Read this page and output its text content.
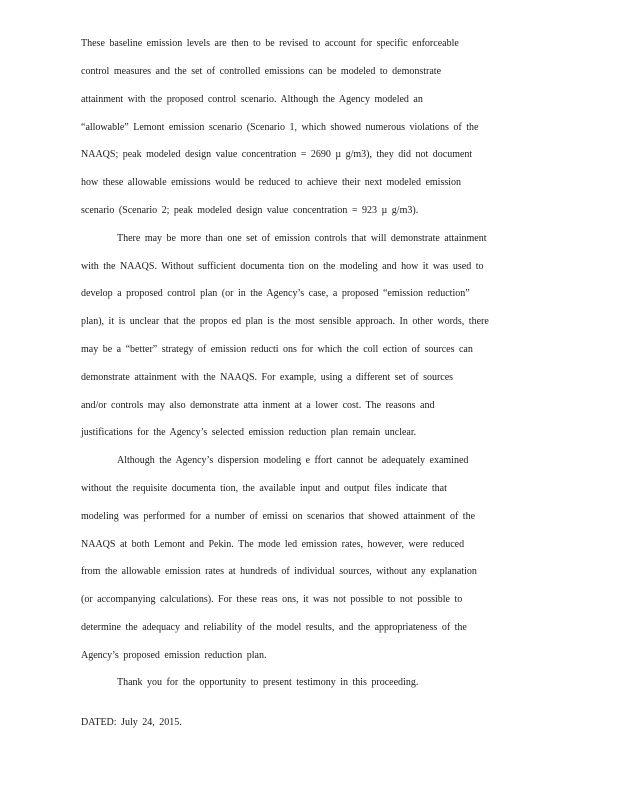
These baseline emission levels are then to be revised to account for specific enforceable
control measures and the set of controlled emissions can be modeled to demonstrate
attainment with the proposed control scenario. Although the Agency modeled an
“allowable” Lemont emission scenario (Scenario 1, which showed numerous violations of the
NAAQS; peak modeled design value concentration = 2690 µ g/m3), they did not document
how these allowable emissions would be reduced to achieve their next modeled emission
scenario (Scenario 2; peak modeled design value concentration = 923 µ g/m3).
There may be more than one set of emission controls that will demonstrate attainment
with the NAAQS. Without sufficient documenta tion on the modeling and how it was used to
develop a proposed control plan (or in the Agency’s case, a proposed “emission reduction”
plan), it is unclear that the propos ed plan is the most sensible approach. In other words, there
may be a “better” strategy of emission reducti ons for which the coll ection of sources can
demonstrate attainment with the NAAQS. For example, using a different set of sources
and/or controls may also demonstrate atta inment at a lower cost. The reasons and
justifications for the Agency’s selected emission reduction plan remain unclear.
Although the Agency’s dispersion modeling e ffort cannot be adequately examined
without the requisite documenta tion, the available input and output files indicate that
modeling was performed for a number of emissi on scenarios that showed attainment of the
NAAQS at both Lemont and Pekin. The mode led emission rates, however, were reduced
from the allowable emission rates at hundreds of individual sources, without any explanation
(or accompanying calculations). For these reas ons, it was not possible to not possible to
determine the adequacy and reliability of the model results, and the appropriateness of the
Agency’s proposed emission reduction plan.
Thank you for the opportunity to present testimony in this proceeding.
DATED: July 24, 2015.
